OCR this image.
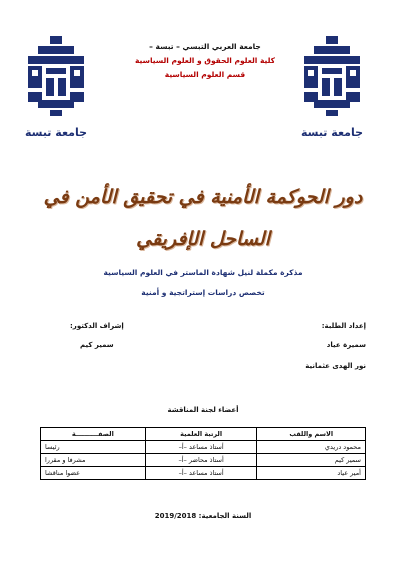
جامعة تبسة	جامعة تبسة
جامعة العربي التبسي – تبسة –
كلية العلوم الحقوق و العلوم السياسية
قسم العلوم السياسية
دور الحوكمة الأمنية في تحقيق الأمن في
الساحل الإفريقي
مذكرة مكملة لنيل شهادة الماستر في العلوم السياسية
تخصص دراسات إستراتجية و أمنية
إعداد الطلبة:
سميرة عياد
نور الهدى عثمانية
إشراف الدكتور:
سمير كيم
أعضاء لجنة المناقشة
الاسم واللقب	الرتبة العلمية	الصفــــــــــة
محمود دريدي	أستاذ مساعد –أ–	رئيسا
سمير كيم	أستاذ محاضر –أ–	مشرفا و مقررا
أمير عياد	أستاذ مساعد –أ–	عضوا مناقشا
السنة الجامعية: 2019/2018
